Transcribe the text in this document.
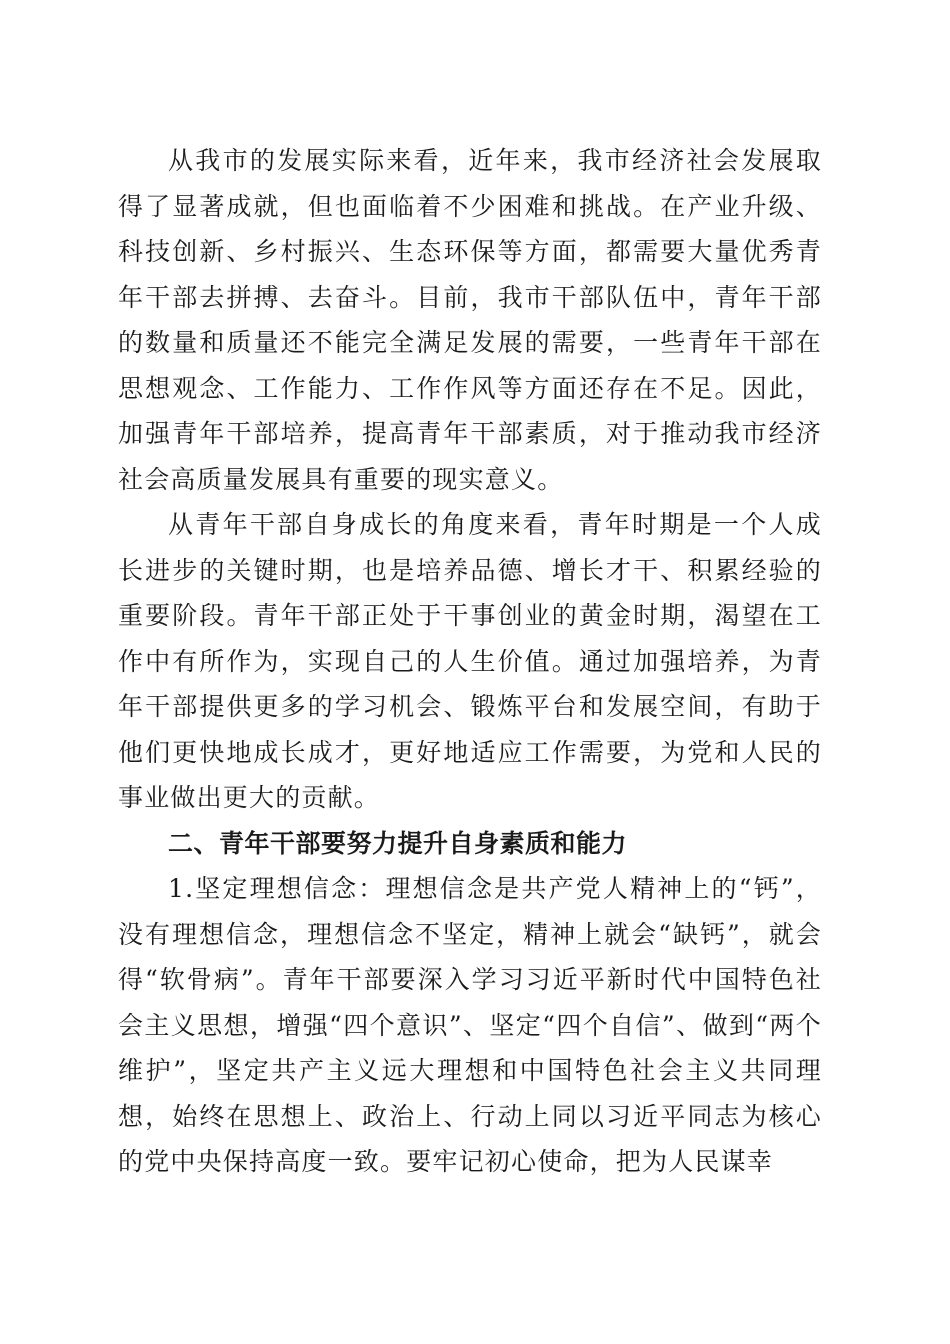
从我市的发展实际来看，近年来，我市经济社会发展取得了显著成就，但也面临着不少困难和挑战。在产业升级、科技创新、乡村振兴、生态环保等方面，都需要大量优秀青年干部去拼搏、去奋斗。目前，我市干部队伍中，青年干部的数量和质量还不能完全满足发展的需要，一些青年干部在思想观念、工作能力、工作作风等方面还存在不足。因此，加强青年干部培养，提高青年干部素质，对于推动我市经济社会高质量发展具有重要的现实意义。

从青年干部自身成长的角度来看，青年时期是一个人成长进步的关键时期，也是培养品德、增长才干、积累经验的重要阶段。青年干部正处于干事创业的黄金时期，渴望在工作中有所作为，实现自己的人生价值。通过加强培养，为青年干部提供更多的学习机会、锻炼平台和发展空间，有助于他们更快地成长成才，更好地适应工作需要，为党和人民的事业做出更大的贡献。

二、青年干部要努力提升自身素质和能力

1.坚定理想信念：理想信念是共产党人精神上的“钙”，没有理想信念，理想信念不坚定，精神上就会“缺钙”，就会得“软骨病”。青年干部要深入学习习近平新时代中国特色社会主义思想，增强“四个意识”、坚定“四个自信”、做到“两个维护”，坚定共产主义远大理想和中国特色社会主义共同理想，始终在思想上、政治上、行动上同以习近平同志为核心的党中央保持高度一致。要牢记初心使命，把为人民谋幸
